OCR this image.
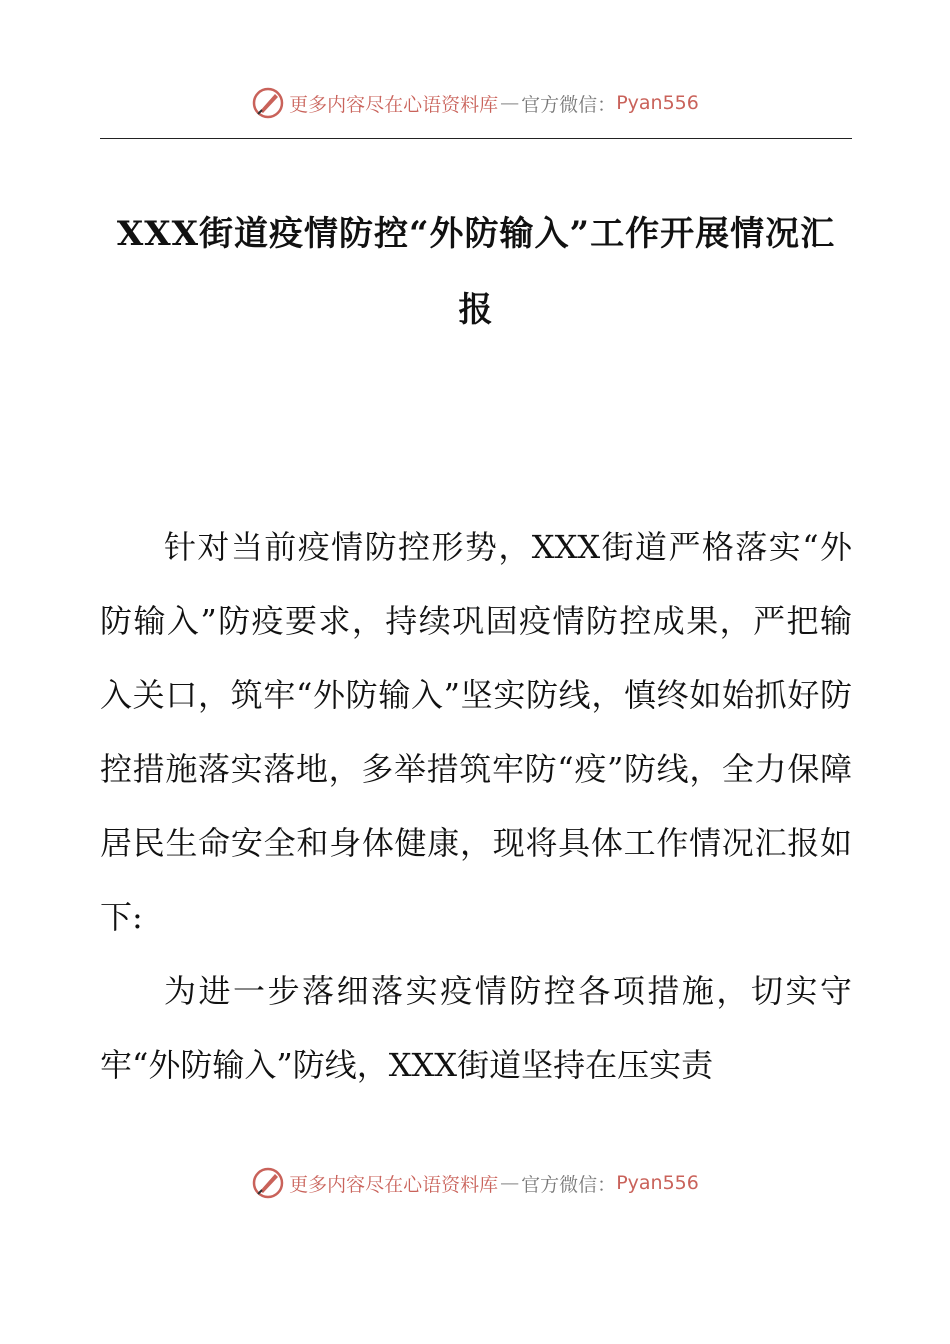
更多内容尽在心语资料库 — 官方微信： Pyan556
XXX街道疫情防控“外防输入”工作开展情况汇报

针对当前疫情防控形势，XXX街道严格落实“外防输入”防疫要求，持续巩固疫情防控成果，严把输入关口，筑牢“外防输入”坚实防线，慎终如始抓好防控措施落实落地，多举措筑牢防“疫”防线，全力保障居民生命安全和身体健康，现将具体工作情况汇报如下:

为进一步落细落实疫情防控各项措施，切实守牢“外防输入”防线，XXX街道坚持在压实责

更多内容尽在心语资料库 — 官方微信： Pyan556
